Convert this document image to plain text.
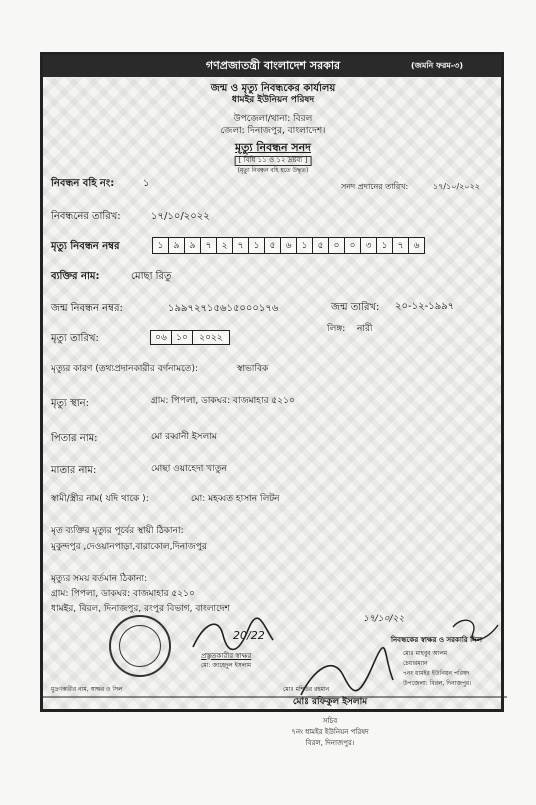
গণপ্রজাতন্ত্রী বাংলাদেশ সরকার	(জমনি ফরম-৩)
জন্ম ও মৃত্যু নিবন্ধকের কার্যালয়
ধামইর ইউনিয়ন পরিষদ
উপজেলা/থানা: বিরল
জেলা: দিনাজপুর, বাংলাদেশ।
মৃত্যু নিবন্ধন সনদ
[ বিধি ১১ ও ১২ দ্রষ্টব্য ]
(মৃত্যু নিবন্ধন বহি হতে উদ্ধৃত)
নিবন্ধন বহি নং:	১	সনদ প্রদানের তারিখ:	১৭/১০/২০২২
নিবন্ধনের তারিখ:	১৭/১০/২০২২
মৃত্যু নিবন্ধন নম্বর	১	৯	৯	৭	২	৭	১	৫	৬	১	৫	০	০	৩	১	৭	৬
ব্যক্তির নাম:	মোছা রিতু
জন্ম নিবন্ধন নম্বর:	১৯৯৭২৭১৫৬১৫০০০১৭৬	জন্ম তারিখ: ২০-১২-১৯৯৭
লিঙ্গ: নারী
মৃত্যু তারিখ:	০৬	১০	২০২২
মৃত্যুর কারণ (তথ্যপ্রদানকারীর বর্ণনামতে):	স্বাভাবিক
মৃত্যু স্থান:	গ্রাম: পিপলা, ডাকঘর: বাজমাহার ৫২১০
পিতার নাম:	মো রব্বানী ইসলাম
মাতার নাম:	মোছা ওয়াহেদা খাতুন
স্বামী/স্ত্রীর নাম( যদি থাকে ):	মো: মহব্বত হাসান লিটন
মৃত ব্যক্তির মৃত্যুর পূর্বের স্থায়ী ঠিকানা:
মুকুন্দপুর ,দেওয়ানপাড়া,বারাকোল,দিনাজপুর
মৃত্যুর সময় বর্তমান ঠিকানা:
গ্রাম: পিপলা, ডাকঘর: বাজমাহার ৫২১০
ধামইর, বিরল, দিনাজপুর, রংপুর বিভাগ, বাংলাদেশ
20/22
প্রস্তুতকারীর স্বাক্ষর
মো: জাহেদুল ইসলাম
নিবন্ধকের স্বাক্ষর ও সরকারি সিল
মোঃ মাহবুব আলম
চেয়ারম্যান
৭নং ধামইর ইউনিয়ন পরিষদ
উপজেলা: বিরল, দিনাজপুর।
মুদ্রণকারীর নাম, স্বাক্ষর ও সিল	মোঃ মশিউর রহমান
১৭/১০/২২
মোঃ রফিকুল ইসলাম
সচিব
৭নং ধামইর ইউনিয়ন পরিষদ
বিরল, দিনাজপুর।
